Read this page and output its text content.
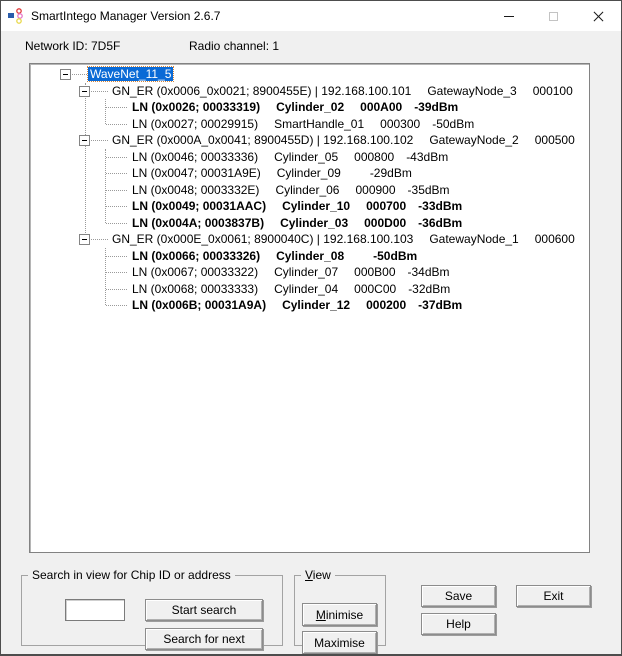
SmartIntego Manager Version 2.6.7
Network ID: 7D5F	Radio channel: 1
WaveNet_11_5
GN_ER (0x0006_0x0021; 8900455E) | 192.168.100.101 GatewayNode_3 000100
LN (0x0026; 00033319) Cylinder_02 000A00 -39dBm
LN (0x0027; 00029915) SmartHandle_01 000300 -50dBm
GN_ER (0x000A_0x0041; 8900455D) | 192.168.100.102 GatewayNode_2 000500
LN (0x0046; 00033336) Cylinder_05 000800 -43dBm
LN (0x0047; 00031A9E) Cylinder_09 -29dBm
LN (0x0048; 0003332E) Cylinder_06 000900 -35dBm
LN (0x0049; 00031AAC) Cylinder_10 000700 -33dBm
LN (0x004A; 0003837B) Cylinder_03 000D00 -36dBm
GN_ER (0x000E_0x0061; 8900040C) | 192.168.100.103 GatewayNode_1 000600
LN (0x0066; 00033326) Cylinder_08 -50dBm
LN (0x0067; 00033322) Cylinder_07 000B00 -34dBm
LN (0x0068; 00033333) Cylinder_04 000C00 -32dBm
LN (0x006B; 00031A9A) Cylinder_12 000200 -37dBm
Search in view for Chip ID or address
Start search
Search for next
View
Minimise
Maximise
Save	Exit
Help
